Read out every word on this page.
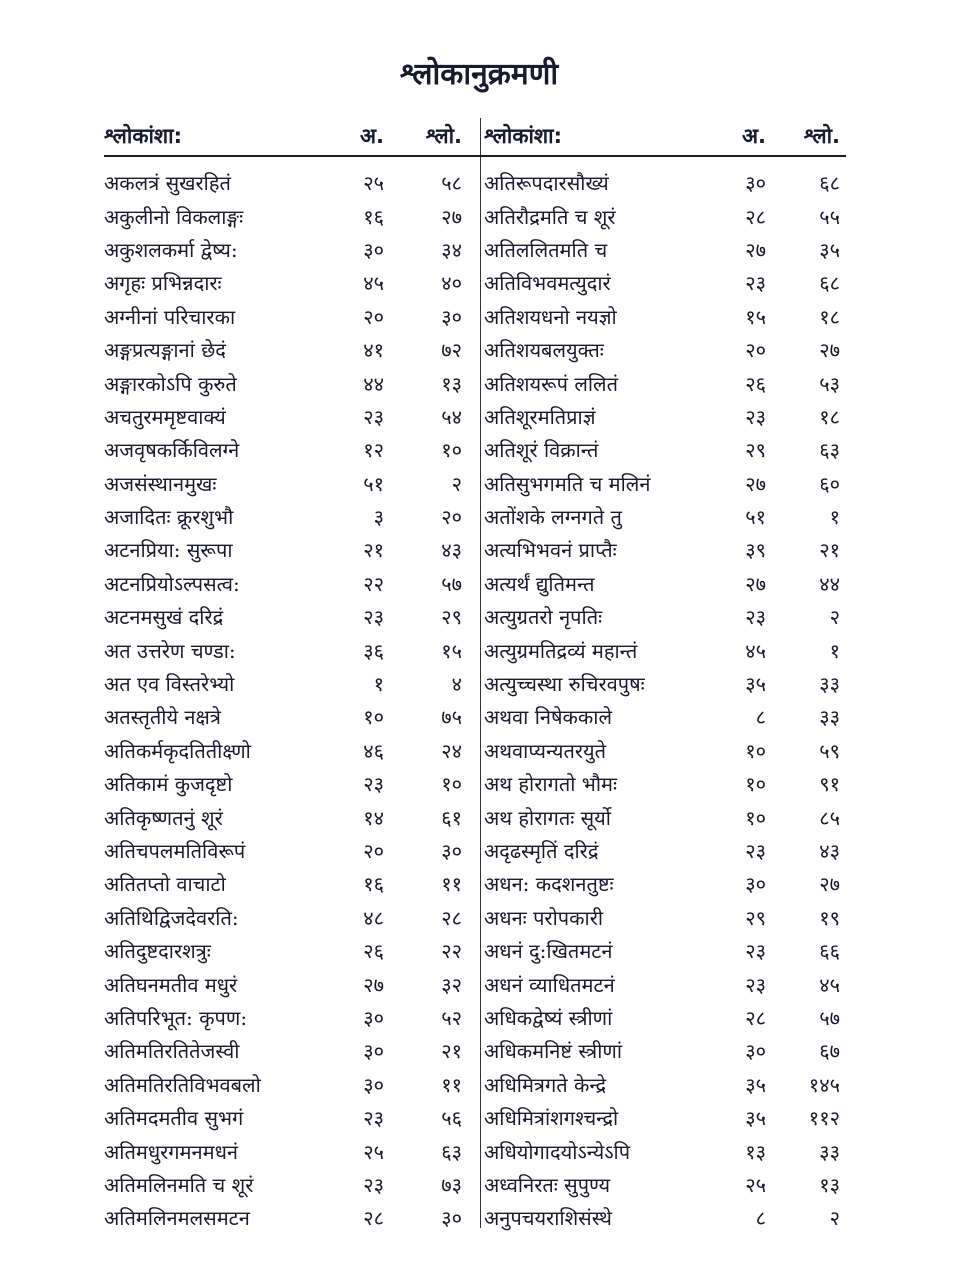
श्लोकानुक्रमणी
श्लोकांशा:	अ.	श्लो.
अकलत्रं सुखरहितं	२५	५८
अकुलीनो विकलाङ्गः	१६	२७
अकुशलकर्मा द्वेष्य:	३०	३४
अगृहः प्रभिन्नदारः	४५	४०
अग्नीनां परिचारका	२०	३०
अङ्गप्रत्यङ्गानां छेदं	४१	७२
अङ्गारकोऽपि कुरुते	४४	१३
अचतुरममृष्टवाक्यं	२३	५४
अजवृषकर्किविलग्ने	१२	१०
अजसंस्थानमुखः	५१	२
अजादितः क्रूरशुभौ	३	२०
अटनप्रिया: सुरूपा	२१	४३
अटनप्रियोऽल्पसत्व:	२२	५७
अटनमसुखं दरिद्रं	२३	२९
अत उत्तरेण चण्डा:	३६	१५
अत एव विस्तरेभ्यो	१	४
अतस्तृतीये नक्षत्रे	१०	७५
अतिकर्मकृदतितीक्ष्णो	४६	२४
अतिकामं कुजदृष्टो	२३	१०
अतिकृष्णतनुं शूरं	१४	६१
अतिचपलमतिविरूपं	२०	३०
अतितप्तो वाचाटो	१६	११
अतिथिद्विजदेवरति:	४८	२८
अतिदुष्टदारशत्रुः	२६	२२
अतिघनमतीव मधुरं	२७	३२
अतिपरिभूत: कृपण:	३०	५२
अतिमतिरतितेजस्वी	३०	२१
अतिमतिरतिविभवबलो	३०	११
अतिमदमतीव सुभगं	२३	५६
अतिमधुरगमनमधनं	२५	६३
अतिमलिनमति च शूरं	२३	७३
अतिमलिनमलसमटन	२८	३०
श्लोकांशा:	अ.	श्लो.
अतिरूपदारसौख्यं	३०	६८
अतिरौद्रमति च शूरं	२८	५५
अतिललितमति च	२७	३५
अतिविभवमत्युदारं	२३	६८
अतिशयधनो नयज्ञो	१५	१८
अतिशयबलयुक्तः	२०	२७
अतिशयरूपं ललितं	२६	५३
अतिशूरमतिप्राज्ञं	२३	१८
अतिशूरं विक्रान्तं	२९	६३
अतिसुभगमति च मलिनं	२७	६०
अतोंशके लग्नगते तु	५१	१
अत्यभिभवनं प्राप्तैः	३९	२१
अत्यर्थं द्युतिमन्त	२७	४४
अत्युग्रतरो नृपतिः	२३	२
अत्युग्रमतिद्रव्यं महान्तं	४५	१
अत्युच्चस्था रुचिरवपुषः	३५	३३
अथवा निषेककाले	८	३३
अथवाप्यन्यतरयुते	१०	५९
अथ होरागतो भौमः	१०	९१
अथ होरागतः सूर्यो	१०	८५
अदृढस्मृतिं दरिद्रं	२३	४३
अधन: कदशनतुष्टः	३०	२७
अधनः परोपकारी	२९	१९
अधनं दु:खितमटनं	२३	६६
अधनं व्याधितमटनं	२३	४५
अधिकद्वेष्यं स्त्रीणां	२८	५७
अधिकमनिष्टं स्त्रीणां	३०	६७
अधिमित्रगते केन्द्रे	३५	१४५
अधिमित्रांशगश्चन्द्रो	३५	११२
अधियोगादयोऽन्येऽपि	१३	३३
अध्वनिरतः सुपुण्य	२५	१३
अनुपचयराशिसंस्थे	८	२
